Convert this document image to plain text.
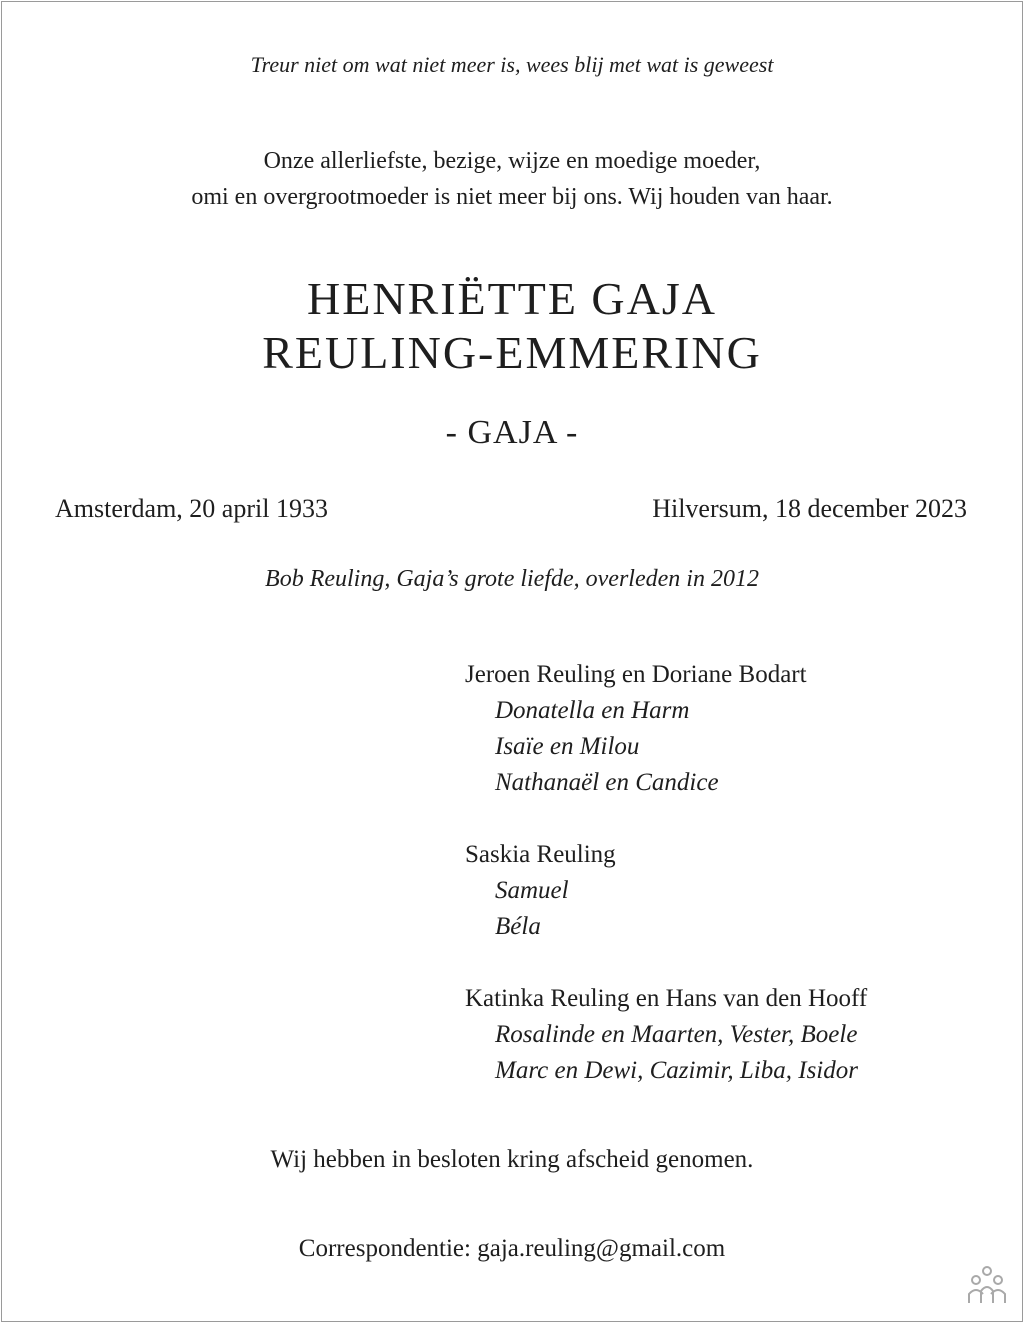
Treur niet om wat niet meer is, wees blij met wat is geweest
Onze allerliefste, bezige, wijze en moedige moeder,
omi en overgrootmoeder is niet meer bij ons. Wij houden van haar.
HENRIËTTE GAJA
REULING-EMMERING
- GAJA -
Amsterdam, 20 april 1933	Hilversum, 18 december 2023
Bob Reuling, Gaja’s grote liefde, overleden in 2012
Jeroen Reuling en Doriane Bodart
Donatella en Harm
Isaïe en Milou
Nathanaël en Candice
Saskia Reuling
Samuel
Béla
Katinka Reuling en Hans van den Hooff
Rosalinde en Maarten, Vester, Boele
Marc en Dewi, Cazimir, Liba, Isidor
Wij hebben in besloten kring afscheid genomen.
Correspondentie: gaja.reuling@gmail.com
